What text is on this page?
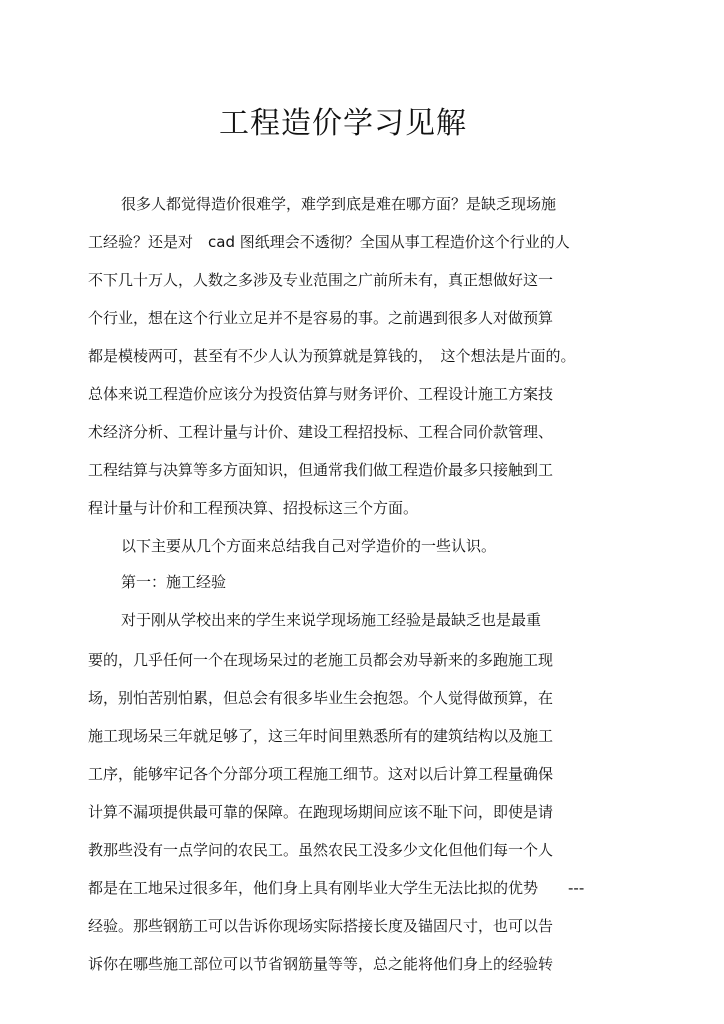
工程造价学习见解
很多人都觉得造价很难学，难学到底是难在哪方面？是缺乏现场施
工经验？还是对　cad 图纸理会不透彻？全国从事工程造价这个行业的人
不下几十万人，人数之多涉及专业范围之广前所未有，真正想做好这一
个行业，想在这个行业立足并不是容易的事。之前遇到很多人对做预算
都是模棱两可，甚至有不少人认为预算就是算钱的，　这个想法是片面的。
总体来说工程造价应该分为投资估算与财务评价、工程设计施工方案技
术经济分析、工程计量与计价、建设工程招投标、工程合同价款管理、
工程结算与决算等多方面知识，但通常我们做工程造价最多只接触到工
程计量与计价和工程预决算、招投标这三个方面。
以下主要从几个方面来总结我自己对学造价的一些认识。
第一：施工经验
对于刚从学校出来的学生来说学现场施工经验是最缺乏也是最重
要的，几乎任何一个在现场呆过的老施工员都会劝导新来的多跑施工现
场，别怕苦别怕累，但总会有很多毕业生会抱怨。个人觉得做预算，在
施工现场呆三年就足够了，这三年时间里熟悉所有的建筑结构以及施工
工序，能够牢记各个分部分项工程施工细节。这对以后计算工程量确保
计算不漏项提供最可靠的保障。在跑现场期间应该不耻下问，即使是请
教那些没有一点学问的农民工。虽然农民工没多少文化但他们每一个人
都是在工地呆过很多年，他们身上具有刚毕业大学生无法比拟的优势　　---
经验。那些钢筋工可以告诉你现场实际搭接长度及锚固尺寸，也可以告
诉你在哪些施工部位可以节省钢筋量等等，总之能将他们身上的经验转
